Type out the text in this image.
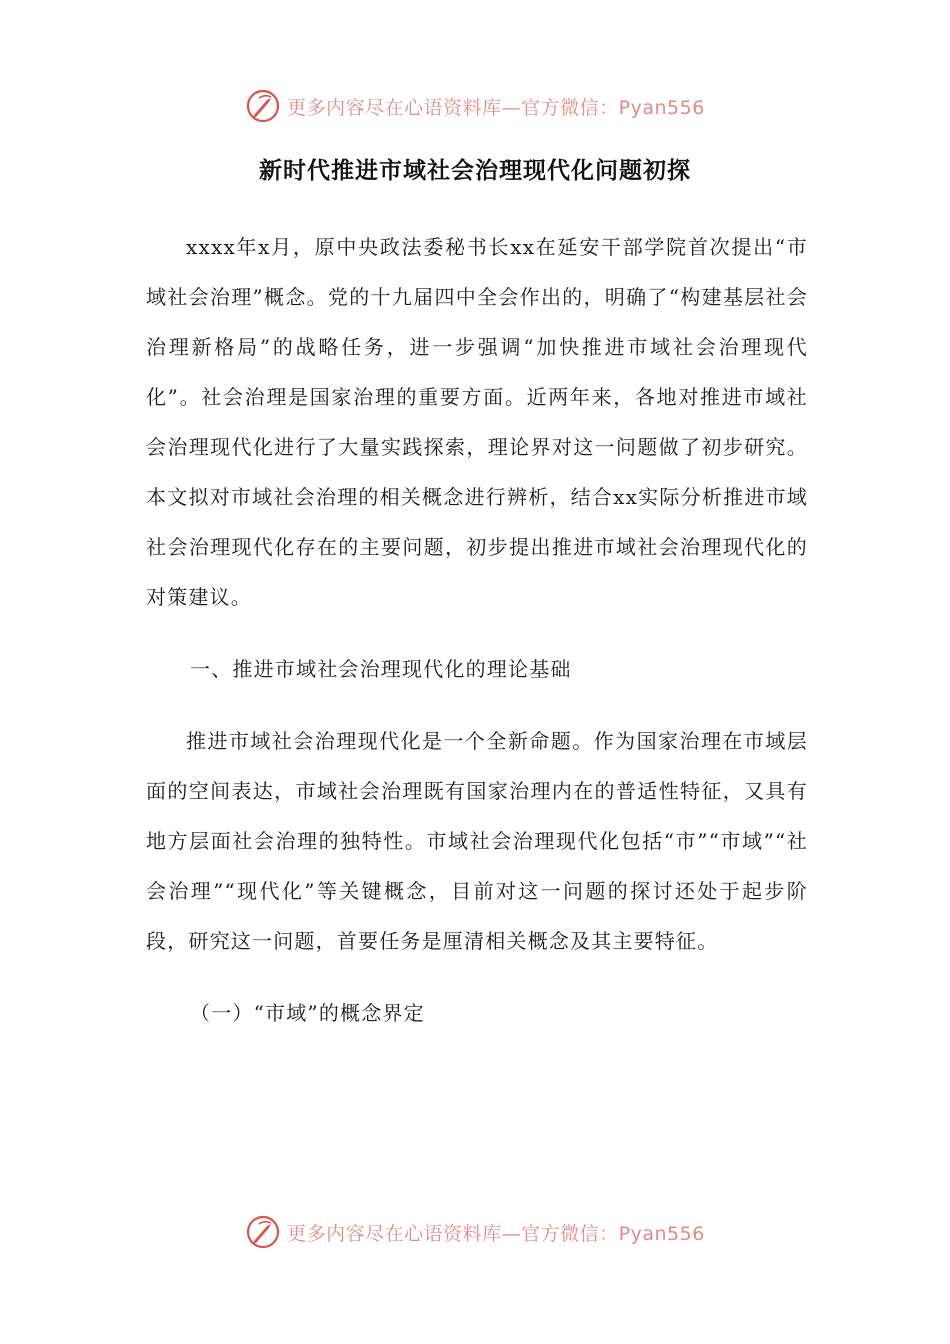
更多内容尽在心语资料库—官方微信：Pyan556
新时代推进市域社会治理现代化问题初探

xxxx年x月，原中央政法委秘书长xx在延安干部学院首次提出“市域社会治理”概念。党的十九届四中全会作出的，明确了“构建基层社会治理新格局”的战略任务，进一步强调“加快推进市域社会治理现代化”。社会治理是国家治理的重要方面。近两年来，各地对推进市域社会治理现代化进行了大量实践探索，理论界对这一问题做了初步研究。本文拟对市域社会治理的相关概念进行辨析，结合xx实际分析推进市域社会治理现代化存在的主要问题，初步提出推进市域社会治理现代化的对策建议。

一、推进市域社会治理现代化的理论基础

推进市域社会治理现代化是一个全新命题。作为国家治理在市域层面的空间表达，市域社会治理既有国家治理内在的普适性特征，又具有地方层面社会治理的独特性。市域社会治理现代化包括“市”“市域”“社会治理”“现代化”等关键概念，目前对这一问题的探讨还处于起步阶段，研究这一问题，首要任务是厘清相关概念及其主要特征。

（一）“市域”的概念界定

更多内容尽在心语资料库—官方微信：Pyan556
